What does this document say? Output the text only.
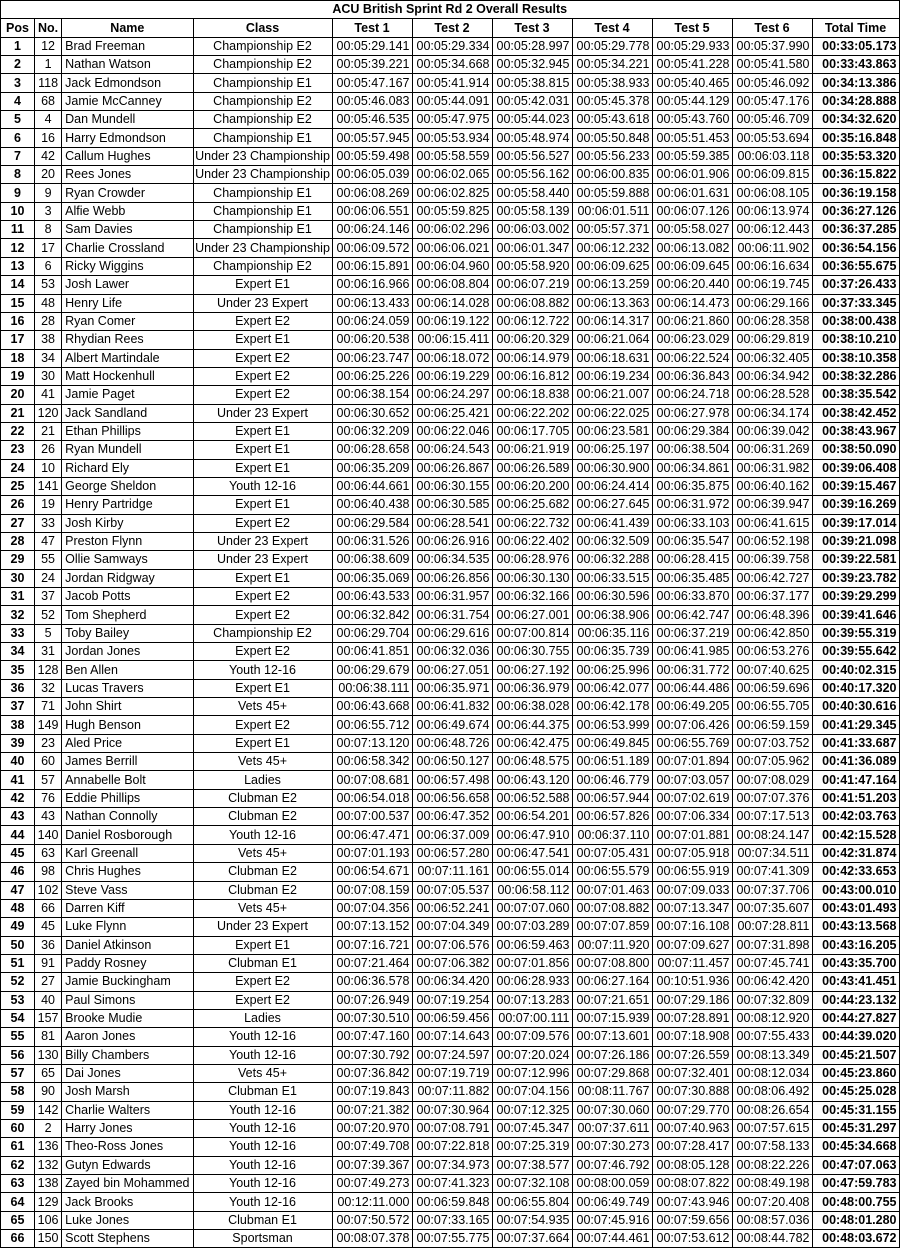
ACU British Sprint Rd 2 Overall Results										
Pos	No.	Name	Class	Test 1	Test 2	Test 3	Test 4	Test 5	Test 6	Total Time
1	12	Brad Freeman	Championship E2	00:05:29.141	00:05:29.334	00:05:28.997	00:05:29.778	00:05:29.933	00:05:37.990	00:33:05.173
2	1	Nathan Watson	Championship E2	00:05:39.221	00:05:34.668	00:05:32.945	00:05:34.221	00:05:41.228	00:05:41.580	00:33:43.863
3	118	Jack Edmondson	Championship E1	00:05:47.167	00:05:41.914	00:05:38.815	00:05:38.933	00:05:40.465	00:05:46.092	00:34:13.386
4	68	Jamie McCanney	Championship E2	00:05:46.083	00:05:44.091	00:05:42.031	00:05:45.378	00:05:44.129	00:05:47.176	00:34:28.888
5	4	Dan Mundell	Championship E2	00:05:46.535	00:05:47.975	00:05:44.023	00:05:43.618	00:05:43.760	00:05:46.709	00:34:32.620
6	16	Harry Edmondson	Championship E1	00:05:57.945	00:05:53.934	00:05:48.974	00:05:50.848	00:05:51.453	00:05:53.694	00:35:16.848
7	42	Callum Hughes	Under 23 Championship	00:05:59.498	00:05:58.559	00:05:56.527	00:05:56.233	00:05:59.385	00:06:03.118	00:35:53.320
8	20	Rees Jones	Under 23 Championship	00:06:05.039	00:06:02.065	00:05:56.162	00:06:00.835	00:06:01.906	00:06:09.815	00:36:15.822
9	9	Ryan Crowder	Championship E1	00:06:08.269	00:06:02.825	00:05:58.440	00:05:59.888	00:06:01.631	00:06:08.105	00:36:19.158
10	3	Alfie Webb	Championship E1	00:06:06.551	00:05:59.825	00:05:58.139	00:06:01.511	00:06:07.126	00:06:13.974	00:36:27.126
11	8	Sam Davies	Championship E1	00:06:24.146	00:06:02.296	00:06:03.002	00:05:57.371	00:05:58.027	00:06:12.443	00:36:37.285
12	17	Charlie Crossland	Under 23 Championship	00:06:09.572	00:06:06.021	00:06:01.347	00:06:12.232	00:06:13.082	00:06:11.902	00:36:54.156
13	6	Ricky Wiggins	Championship E2	00:06:15.891	00:06:04.960	00:05:58.920	00:06:09.625	00:06:09.645	00:06:16.634	00:36:55.675
14	53	Josh Lawer	Expert E1	00:06:16.966	00:06:08.804	00:06:07.219	00:06:13.259	00:06:20.440	00:06:19.745	00:37:26.433
15	48	Henry Life	Under 23 Expert	00:06:13.433	00:06:14.028	00:06:08.882	00:06:13.363	00:06:14.473	00:06:29.166	00:37:33.345
16	28	Ryan Comer	Expert E2	00:06:24.059	00:06:19.122	00:06:12.722	00:06:14.317	00:06:21.860	00:06:28.358	00:38:00.438
17	38	Rhydian Rees	Expert E1	00:06:20.538	00:06:15.411	00:06:20.329	00:06:21.064	00:06:23.029	00:06:29.819	00:38:10.210
18	34	Albert Martindale	Expert E2	00:06:23.747	00:06:18.072	00:06:14.979	00:06:18.631	00:06:22.524	00:06:32.405	00:38:10.358
19	30	Matt Hockenhull	Expert E2	00:06:25.226	00:06:19.229	00:06:16.812	00:06:19.234	00:06:36.843	00:06:34.942	00:38:32.286
20	41	Jamie Paget	Expert E2	00:06:38.154	00:06:24.297	00:06:18.838	00:06:21.007	00:06:24.718	00:06:28.528	00:38:35.542
21	120	Jack Sandland	Under 23 Expert	00:06:30.652	00:06:25.421	00:06:22.202	00:06:22.025	00:06:27.978	00:06:34.174	00:38:42.452
22	21	Ethan Phillips	Expert E1	00:06:32.209	00:06:22.046	00:06:17.705	00:06:23.581	00:06:29.384	00:06:39.042	00:38:43.967
23	26	Ryan Mundell	Expert E1	00:06:28.658	00:06:24.543	00:06:21.919	00:06:25.197	00:06:38.504	00:06:31.269	00:38:50.090
24	10	Richard Ely	Expert E1	00:06:35.209	00:06:26.867	00:06:26.589	00:06:30.900	00:06:34.861	00:06:31.982	00:39:06.408
25	141	George Sheldon	Youth 12-16	00:06:44.661	00:06:30.155	00:06:20.200	00:06:24.414	00:06:35.875	00:06:40.162	00:39:15.467
26	19	Henry Partridge	Expert E1	00:06:40.438	00:06:30.585	00:06:25.682	00:06:27.645	00:06:31.972	00:06:39.947	00:39:16.269
27	33	Josh Kirby	Expert E2	00:06:29.584	00:06:28.541	00:06:22.732	00:06:41.439	00:06:33.103	00:06:41.615	00:39:17.014
28	47	Preston Flynn	Under 23 Expert	00:06:31.526	00:06:26.916	00:06:22.402	00:06:32.509	00:06:35.547	00:06:52.198	00:39:21.098
29	55	Ollie Samways	Under 23 Expert	00:06:38.609	00:06:34.535	00:06:28.976	00:06:32.288	00:06:28.415	00:06:39.758	00:39:22.581
30	24	Jordan Ridgway	Expert E1	00:06:35.069	00:06:26.856	00:06:30.130	00:06:33.515	00:06:35.485	00:06:42.727	00:39:23.782
31	37	Jacob Potts	Expert E2	00:06:43.533	00:06:31.957	00:06:32.166	00:06:30.596	00:06:33.870	00:06:37.177	00:39:29.299
32	52	Tom Shepherd	Expert E2	00:06:32.842	00:06:31.754	00:06:27.001	00:06:38.906	00:06:42.747	00:06:48.396	00:39:41.646
33	5	Toby Bailey	Championship E2	00:06:29.704	00:06:29.616	00:07:00.814	00:06:35.116	00:06:37.219	00:06:42.850	00:39:55.319
34	31	Jordan Jones	Expert E2	00:06:41.851	00:06:32.036	00:06:30.755	00:06:35.739	00:06:41.985	00:06:53.276	00:39:55.642
35	128	Ben Allen	Youth 12-16	00:06:29.679	00:06:27.051	00:06:27.192	00:06:25.996	00:06:31.772	00:07:40.625	00:40:02.315
36	32	Lucas Travers	Expert E1	00:06:38.111	00:06:35.971	00:06:36.979	00:06:42.077	00:06:44.486	00:06:59.696	00:40:17.320
37	71	John Shirt	Vets 45+	00:06:43.668	00:06:41.832	00:06:38.028	00:06:42.178	00:06:49.205	00:06:55.705	00:40:30.616
38	149	Hugh Benson	Expert E2	00:06:55.712	00:06:49.674	00:06:44.375	00:06:53.999	00:07:06.426	00:06:59.159	00:41:29.345
39	23	Aled Price	Expert E1	00:07:13.120	00:06:48.726	00:06:42.475	00:06:49.845	00:06:55.769	00:07:03.752	00:41:33.687
40	60	James Berrill	Vets 45+	00:06:58.342	00:06:50.127	00:06:48.575	00:06:51.189	00:07:01.894	00:07:05.962	00:41:36.089
41	57	Annabelle Bolt	Ladies	00:07:08.681	00:06:57.498	00:06:43.120	00:06:46.779	00:07:03.057	00:07:08.029	00:41:47.164
42	76	Eddie Phillips	Clubman E2	00:06:54.018	00:06:56.658	00:06:52.588	00:06:57.944	00:07:02.619	00:07:07.376	00:41:51.203
43	43	Nathan Connolly	Clubman E2	00:07:00.537	00:06:47.352	00:06:54.201	00:06:57.826	00:07:06.334	00:07:17.513	00:42:03.763
44	140	Daniel Rosborough	Youth 12-16	00:06:47.471	00:06:37.009	00:06:47.910	00:06:37.110	00:07:01.881	00:08:24.147	00:42:15.528
45	63	Karl Greenall	Vets 45+	00:07:01.193	00:06:57.280	00:06:47.541	00:07:05.431	00:07:05.918	00:07:34.511	00:42:31.874
46	98	Chris Hughes	Clubman E2	00:06:54.671	00:07:11.161	00:06:55.014	00:06:55.579	00:06:55.919	00:07:41.309	00:42:33.653
47	102	Steve Vass	Clubman E2	00:07:08.159	00:07:05.537	00:06:58.112	00:07:01.463	00:07:09.033	00:07:37.706	00:43:00.010
48	66	Darren Kiff	Vets 45+	00:07:04.356	00:06:52.241	00:07:07.060	00:07:08.882	00:07:13.347	00:07:35.607	00:43:01.493
49	45	Luke Flynn	Under 23 Expert	00:07:13.152	00:07:04.349	00:07:03.289	00:07:07.859	00:07:16.108	00:07:28.811	00:43:13.568
50	36	Daniel Atkinson	Expert E1	00:07:16.721	00:07:06.576	00:06:59.463	00:07:11.920	00:07:09.627	00:07:31.898	00:43:16.205
51	91	Paddy Rosney	Clubman E1	00:07:21.464	00:07:06.382	00:07:01.856	00:07:08.800	00:07:11.457	00:07:45.741	00:43:35.700
52	27	Jamie Buckingham	Expert E2	00:06:36.578	00:06:34.420	00:06:28.933	00:06:27.164	00:10:51.936	00:06:42.420	00:43:41.451
53	40	Paul Simons	Expert E2	00:07:26.949	00:07:19.254	00:07:13.283	00:07:21.651	00:07:29.186	00:07:32.809	00:44:23.132
54	157	Brooke Mudie	Ladies	00:07:30.510	00:06:59.456	00:07:00.111	00:07:15.939	00:07:28.891	00:08:12.920	00:44:27.827
55	81	Aaron Jones	Youth 12-16	00:07:47.160	00:07:14.643	00:07:09.576	00:07:13.601	00:07:18.908	00:07:55.433	00:44:39.020
56	130	Billy Chambers	Youth 12-16	00:07:30.792	00:07:24.597	00:07:20.024	00:07:26.186	00:07:26.559	00:08:13.349	00:45:21.507
57	65	Dai Jones	Vets 45+	00:07:36.842	00:07:19.719	00:07:12.996	00:07:29.868	00:07:32.401	00:08:12.034	00:45:23.860
58	90	Josh Marsh	Clubman E1	00:07:19.843	00:07:11.882	00:07:04.156	00:08:11.767	00:07:30.888	00:08:06.492	00:45:25.028
59	142	Charlie Walters	Youth 12-16	00:07:21.382	00:07:30.964	00:07:12.325	00:07:30.060	00:07:29.770	00:08:26.654	00:45:31.155
60	2	Harry Jones	Youth 12-16	00:07:20.970	00:07:08.791	00:07:45.347	00:07:37.611	00:07:40.963	00:07:57.615	00:45:31.297
61	136	Theo-Ross Jones	Youth 12-16	00:07:49.708	00:07:22.818	00:07:25.319	00:07:30.273	00:07:28.417	00:07:58.133	00:45:34.668
62	132	Gutyn Edwards	Youth 12-16	00:07:39.367	00:07:34.973	00:07:38.577	00:07:46.792	00:08:05.128	00:08:22.226	00:47:07.063
63	138	Zayed bin Mohammed	Youth 12-16	00:07:49.273	00:07:41.323	00:07:32.108	00:08:00.059	00:08:07.822	00:08:49.198	00:47:59.783
64	129	Jack Brooks	Youth 12-16	00:12:11.000	00:06:59.848	00:06:55.804	00:06:49.749	00:07:43.946	00:07:20.408	00:48:00.755
65	106	Luke Jones	Clubman E1	00:07:50.572	00:07:33.165	00:07:54.935	00:07:45.916	00:07:59.656	00:08:57.036	00:48:01.280
66	150	Scott Stephens	Sportsman	00:08:07.378	00:07:55.775	00:07:37.664	00:07:44.461	00:07:53.612	00:08:44.782	00:48:03.672
